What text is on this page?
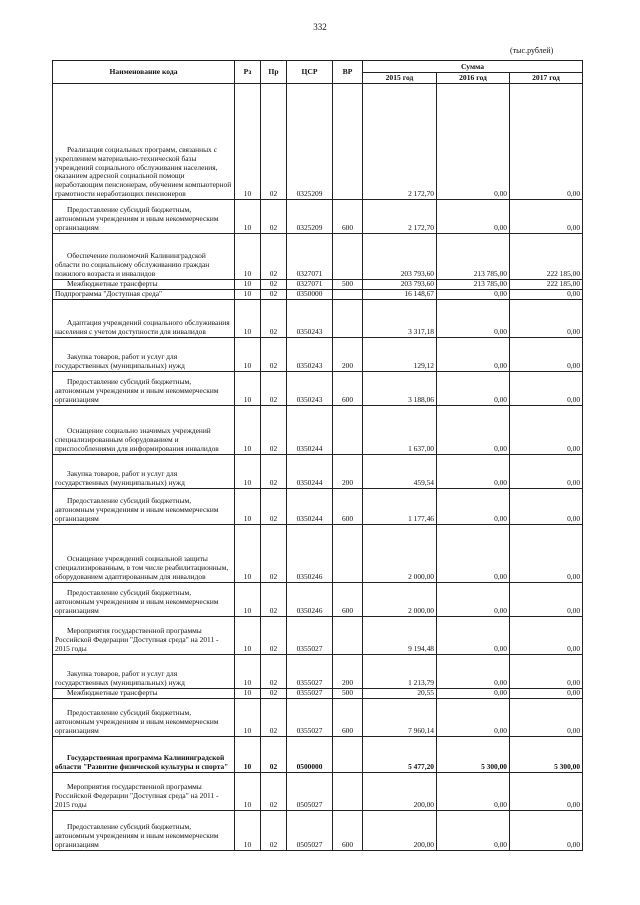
332
(тыс.рублей)
Наименование кода	Рз	Пр	ЦСР	ВР	Сумма		
					2015 год	2016 год	2017 год
Реализация социальных программ, связанных с укреплением материально-технической базы учреждений социального обслуживания населения, оказанием адресной социальной помощи неработающим пенсионерам, обучением компьютерной грамотности неработающих пенсионеров	10	02	0325209		2 172,70	0,00	0,00
Предоставление субсидий бюджетным, автономным учреждениям и иным некоммерческим организациям	10	02	0325209	600	2 172,70	0,00	0,00
Обеспечение полномочий Калининградской области по социальному обслуживанию граждан пожилого возраста и инвалидов	10	02	0327071		203 793,60	213 785,00	222 185,00
Межбюджетные трансферты	10	02	0327071	500	203 793,60	213 785,00	222 185,00
Подпрограмма "Доступная среда"	10	02	0350000		16 148,67	0,00	0,00
Адаптация учреждений социального обслуживания населения с учетом доступности для инвалидов	10	02	0350243		3 317,18	0,00	0,00
Закупка товаров, работ и услуг для государственных (муниципальных) нужд	10	02	0350243	200	129,12	0,00	0,00
Предоставление субсидий бюджетным, автономным учреждениям и иным некоммерческим организациям	10	02	0350243	600	3 188,06	0,00	0,00
Оснащение социально значимых учреждений специализированным оборудованием и приспособлениями для информирования инвалидов	10	02	0350244		1 637,00	0,00	0,00
Закупка товаров, работ и услуг для государственных (муниципальных) нужд	10	02	0350244	200	459,54	0,00	0,00
Предоставление субсидий бюджетным, автономным учреждениям и иным некоммерческим организациям	10	02	0350244	600	1 177,46	0,00	0,00
Оснащение учреждений социальной защиты специализированным, в том числе реабилитационным, оборудованием адаптированным для инвалидов	10	02	0350246		2 000,00	0,00	0,00
Предоставление субсидий бюджетным, автономным учреждениям и иным некоммерческим организациям	10	02	0350246	600	2 000,00	0,00	0,00
Мероприятия государственной программы Российской Федерации "Доступная среда" на 2011 - 2015 годы	10	02	0355027		9 194,48	0,00	0,00
Закупка товаров, работ и услуг для государственных (муниципальных) нужд	10	02	0355027	200	1 213,79	0,00	0,00
Межбюджетные трансферты	10	02	0355027	500	20,55	0,00	0,00
Предоставление субсидий бюджетным, автономным учреждениям и иным некоммерческим организациям	10	02	0355027	600	7 960,14	0,00	0,00
Государственная программа Калининградской области "Развитие физической культуры и спорта"	10	02	0500000		5 477,20	5 300,00	5 300,00
Мероприятия государственной программы Российской Федерации "Доступная среда" на 2011 - 2015 годы	10	02	0505027		200,00	0,00	0,00
Предоставление субсидий бюджетным, автономным учреждениям и иным некоммерческим организациям	10	02	0505027	600	200,00	0,00	0,00
